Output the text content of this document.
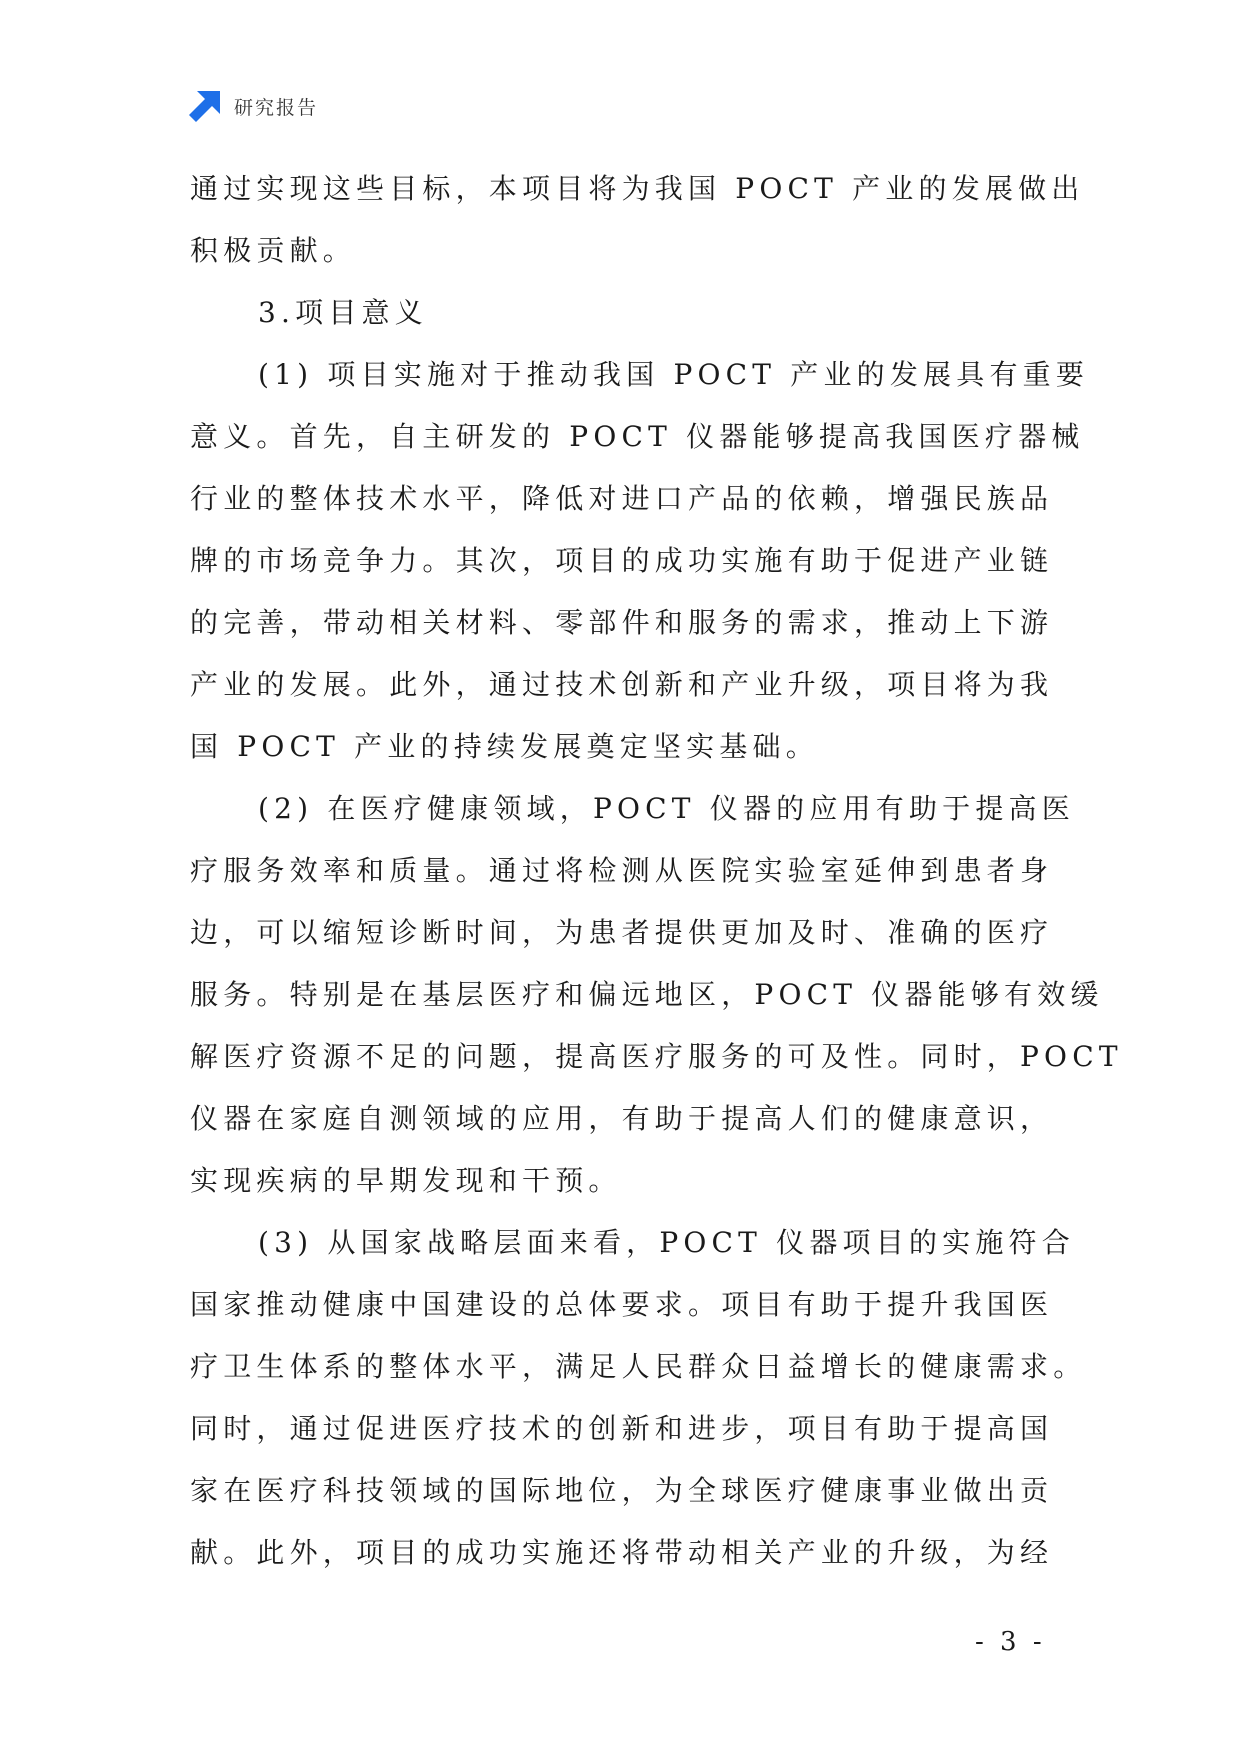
研究报告
通过实现这些目标，本项目将为我国 POCT 产业的发展做出
积极贡献。
3.项目意义
(1) 项目实施对于推动我国 POCT 产业的发展具有重要
意义。首先，自主研发的 POCT 仪器能够提高我国医疗器械
行业的整体技术水平，降低对进口产品的依赖，增强民族品
牌的市场竞争力。其次，项目的成功实施有助于促进产业链
的完善，带动相关材料、零部件和服务的需求，推动上下游
产业的发展。此外，通过技术创新和产业升级，项目将为我
国 POCT 产业的持续发展奠定坚实基础。
(2) 在医疗健康领域，POCT 仪器的应用有助于提高医
疗服务效率和质量。通过将检测从医院实验室延伸到患者身
边，可以缩短诊断时间，为患者提供更加及时、准确的医疗
服务。特别是在基层医疗和偏远地区，POCT 仪器能够有效缓
解医疗资源不足的问题，提高医疗服务的可及性。同时，POCT
仪器在家庭自测领域的应用，有助于提高人们的健康意识，
实现疾病的早期发现和干预。
(3) 从国家战略层面来看，POCT 仪器项目的实施符合
国家推动健康中国建设的总体要求。项目有助于提升我国医
疗卫生体系的整体水平，满足人民群众日益增长的健康需求。
同时，通过促进医疗技术的创新和进步，项目有助于提高国
家在医疗科技领域的国际地位，为全球医疗健康事业做出贡
献。此外，项目的成功实施还将带动相关产业的升级，为经
- 3 -
